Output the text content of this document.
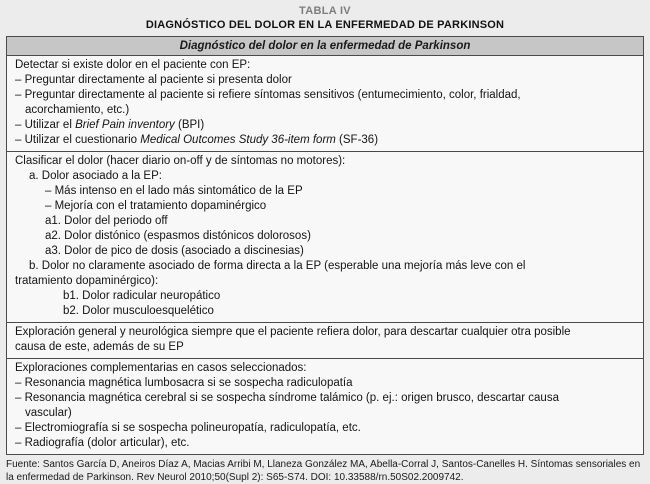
TABLA IV
DIAGNÓSTICO DEL DOLOR EN LA ENFERMEDAD DE PARKINSON
Diagnóstico del dolor en la enfermedad de Parkinson

Detectar si existe dolor en el paciente con EP:
– Preguntar directamente al paciente si presenta dolor
– Preguntar directamente al paciente si refiere síntomas sensitivos (entumecimiento, color, frialdad,
acorchamiento, etc.)
– Utilizar el Brief Pain inventory (BPI)
– Utilizar el cuestionario Medical Outcomes Study 36-item form (SF-36)

Clasificar el dolor (hacer diario on-off y de síntomas no motores):
a. Dolor asociado a la EP:
– Más intenso en el lado más sintomático de la EP
– Mejoría con el tratamiento dopaminérgico
a1. Dolor del periodo off
a2. Dolor distónico (espasmos distónicos dolorosos)
a3. Dolor de pico de dosis (asociado a discinesias)
b. Dolor no claramente asociado de forma directa a la EP (esperable una mejoría más leve con el
tratamiento dopaminérgico):
b1. Dolor radicular neuropático
b2. Dolor musculoesquelético

Exploración general y neurológica siempre que el paciente refiera dolor, para descartar cualquier otra posible
causa de este, además de su EP

Exploraciones complementarias en casos seleccionados:
– Resonancia magnética lumbosacra si se sospecha radiculopatía
– Resonancia magnética cerebral si se sospecha síndrome talámico (p. ej.: origen brusco, descartar causa
vascular)
– Electromiografía si se sospecha polineuropatía, radiculopatía, etc.
– Radiografía (dolor articular), etc.
Fuente: Santos García D, Aneiros Díaz A, Macias Arribi M, Llaneza González MA, Abella-Corral J, Santos-Canelles H. Síntomas sensoriales en la enfermedad de Parkinson. Rev Neurol 2010;50(Supl 2): S65-S74. DOI: 10.33588/rn.50S02.2009742.
